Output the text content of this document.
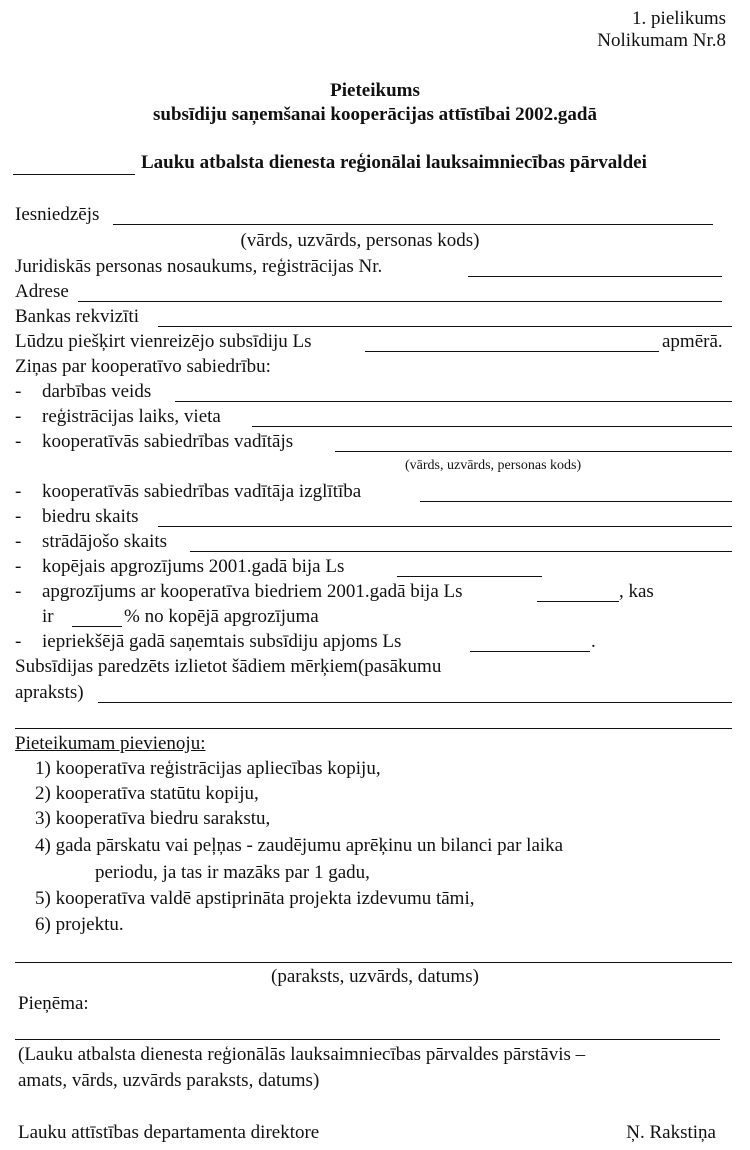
1. pielikums
Nolikumam Nr.8
Pieteikums
subsīdiju saņemšanai kooperācijas attīstībai 2002.gadā
Lauku atbalsta dienesta reģionālai lauksaimniecības pārvaldei
Iesniedzējs
(vārds, uzvārds, personas kods)
Juridiskās personas nosaukums, reģistrācijas Nr.
Adrese
Bankas rekvizīti
Lūdzu piešķirt vienreizējo subsīdiju Ls	apmērā.
Ziņas par kooperatīvo sabiedrību:
- darbības veids
- reģistrācijas laiks, vieta
- kooperatīvās sabiedrības vadītājs
(vārds, uzvārds, personas kods)
- kooperatīvās sabiedrības vadītāja izglītība
- biedru skaits
- strādājošo skaits
- kopējais apgrozījums 2001.gadā bija Ls
- apgrozījums ar kooperatīva biedriem 2001.gadā bija Ls	, kas
ir	% no kopējā apgrozījuma
- iepriekšējā gadā saņemtais subsīdiju apjoms Ls	.
Subsīdijas paredzēts izlietot šādiem mērķiem(pasākumu
apraksts)
Pieteikumam pievienoju:
1) kooperatīva reģistrācijas apliecības kopiju,
2) kooperatīva statūtu kopiju,
3) kooperatīva biedru sarakstu,
4) gada pārskatu vai peļņas - zaudējumu aprēķinu un bilanci par laika
periodu, ja tas ir mazāks par 1 gadu,
5) kooperatīva valdē apstiprināta projekta izdevumu tāmi,
6) projektu.
(paraksts, uzvārds, datums)
Pieņēma:
(Lauku atbalsta dienesta reģionālās lauksaimniecības pārvaldes pārstāvis –
amats, vārds, uzvārds paraksts, datums)
Lauku attīstības departamenta direktore	Ņ. Rakstiņa
